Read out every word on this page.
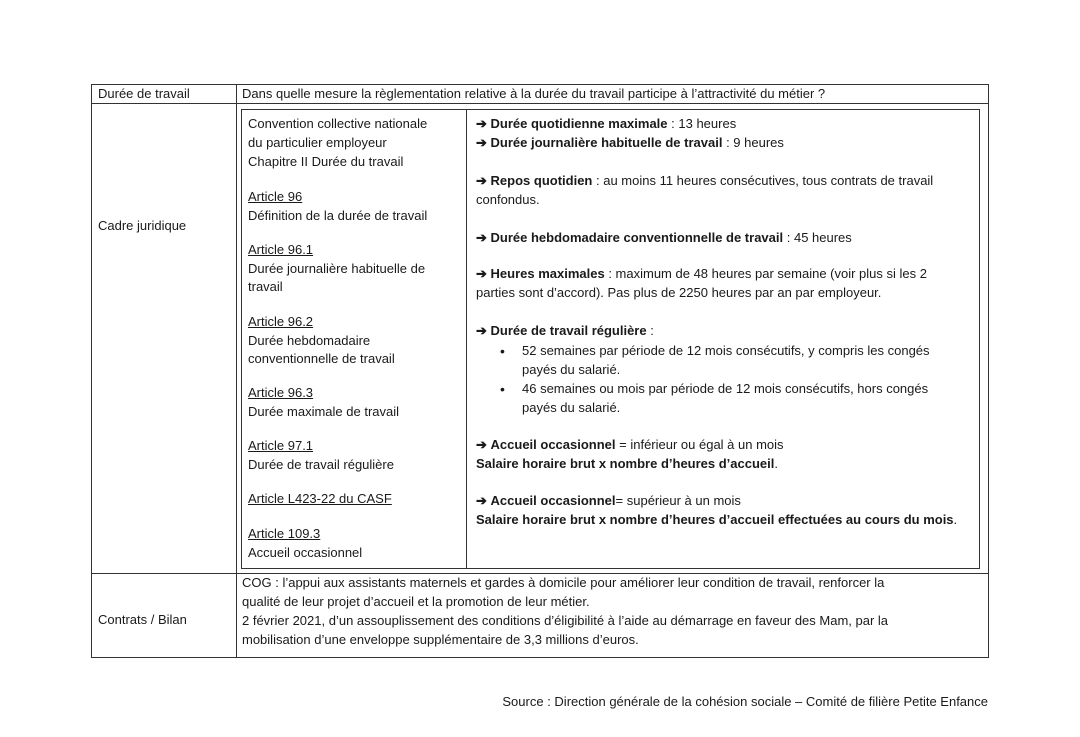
Durée de travail	Dans quelle mesure la règlementation relative à la durée du travail participe à l’attractivité du métier ?
Cadre juridique
Contrats / Bilan
Convention collective nationale
du particulier employeur
Chapitre II Durée du travail
Article 96
Définition de la durée de travail
Article 96.1
Durée journalière habituelle de
travail
Article 96.2
Durée hebdomadaire
conventionnelle de travail
Article 96.3
Durée maximale de travail
Article 97.1
Durée de travail régulière
Article L423-22 du CASF
Article 109.3
Accueil occasionnel
➔ Durée quotidienne maximale : 13 heures
➔ Durée journalière habituelle de travail : 9 heures
➔ Repos quotidien : au moins 11 heures consécutives, tous contrats de travail
confondus.
➔ Durée hebdomadaire conventionnelle de travail : 45 heures
➔ Heures maximales : maximum de 48 heures par semaine (voir plus si les 2
parties sont d’accord). Pas plus de 2250 heures par an par employeur.
➔ Durée de travail régulière :
• 52 semaines par période de 12 mois consécutifs, y compris les congés
payés du salarié.
• 46 semaines ou mois par période de 12 mois consécutifs, hors congés
payés du salarié.
➔ Accueil occasionnel = inférieur ou égal à un mois
Salaire horaire brut x nombre d’heures d’accueil.
➔ Accueil occasionnel= supérieur à un mois
Salaire horaire brut x nombre d’heures d’accueil effectuées au cours du mois.
COG : l’appui aux assistants maternels et gardes à domicile pour améliorer leur condition de travail, renforcer la
qualité de leur projet d’accueil et la promotion de leur métier.
2 février 2021, d’un assouplissement des conditions d’éligibilité à l’aide au démarrage en faveur des Mam, par la
mobilisation d’une enveloppe supplémentaire de 3,3 millions d’euros.
Source : Direction générale de la cohésion sociale – Comité de filière Petite Enfance
